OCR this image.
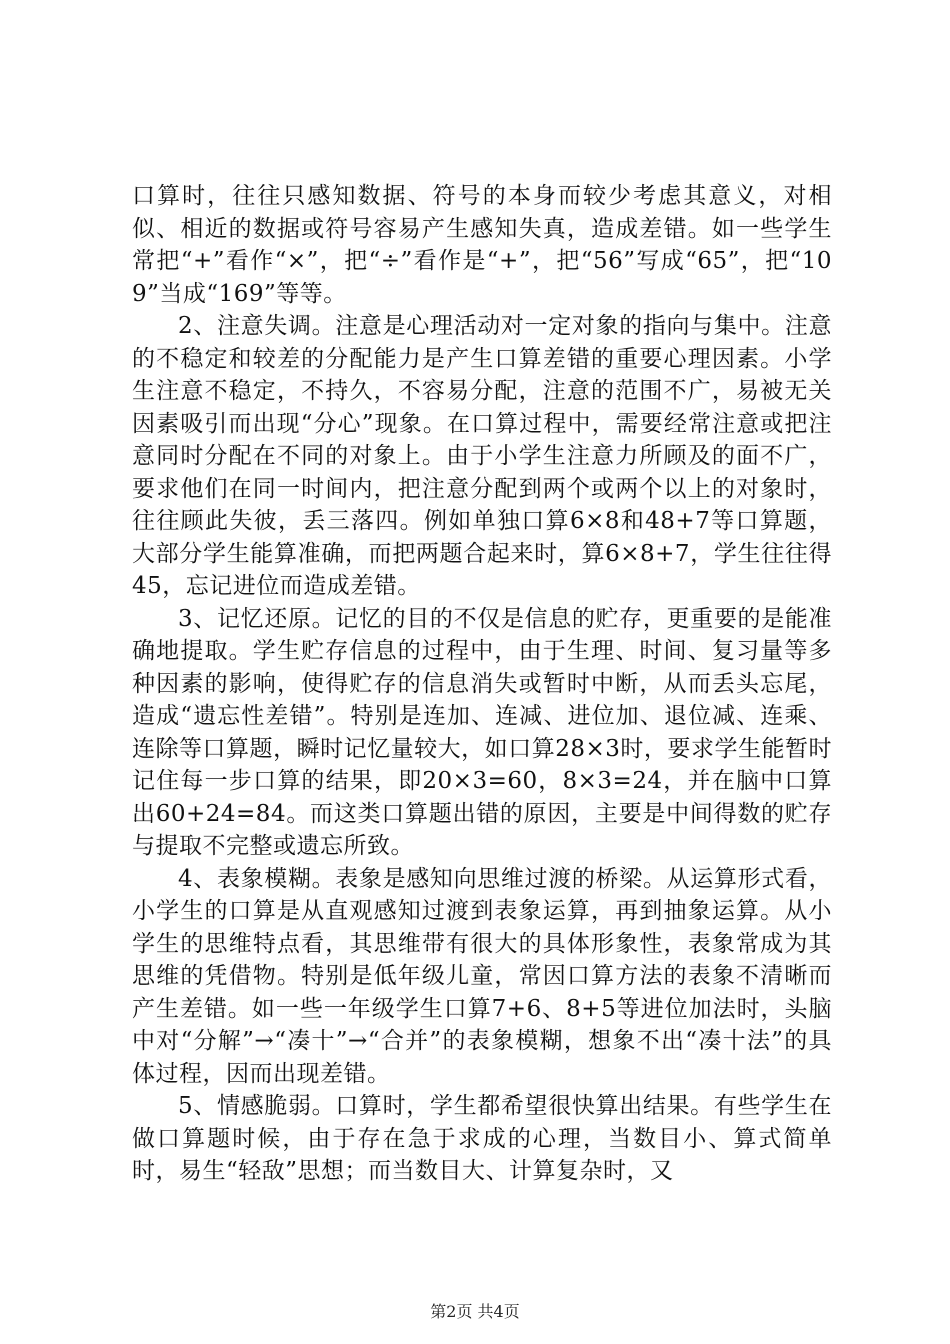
口算时，往往只感知数据、符号的本身而较少考虑其意义，对相似、相近的数据或符号容易产生感知失真，造成差错。如一些学生常把“+”看作“×”，把“÷”看作是“+”，把“56”写成“65”，把“109”当成“169”等等。

2、注意失调。注意是心理活动对一定对象的指向与集中。注意的不稳定和较差的分配能力是产生口算差错的重要心理因素。小学生注意不稳定，不持久，不容易分配，注意的范围不广，易被无关因素吸引而出现“分心”现象。在口算过程中，需要经常注意或把注意同时分配在不同的对象上。由于小学生注意力所顾及的面不广，要求他们在同一时间内，把注意分配到两个或两个以上的对象时，往往顾此失彼，丢三落四。例如单独口算6×8和48+7等口算题，大部分学生能算准确，而把两题合起来时，算6×8+7，学生往往得45，忘记进位而造成差错。

3、记忆还原。记忆的目的不仅是信息的贮存，更重要的是能准确地提取。学生贮存信息的过程中，由于生理、时间、复习量等多种因素的影响，使得贮存的信息消失或暂时中断，从而丢头忘尾，造成“遗忘性差错”。特别是连加、连减、进位加、退位减、连乘、连除等口算题，瞬时记忆量较大，如口算28×3时，要求学生能暂时记住每一步口算的结果，即20×3=60，8×3=24，并在脑中口算出60+24=84。而这类口算题出错的原因，主要是中间得数的贮存与提取不完整或遗忘所致。

4、表象模糊。表象是感知向思维过渡的桥梁。从运算形式看，小学生的口算是从直观感知过渡到表象运算，再到抽象运算。从小学生的思维特点看，其思维带有很大的具体形象性，表象常成为其思维的凭借物。特别是低年级儿童，常因口算方法的表象不清晰而产生差错。如一些一年级学生口算7+6、8+5等进位加法时，头脑中对“分解”→“凑十”→“合并”的表象模糊，想象不出“凑十法”的具体过程，因而出现差错。

5、情感脆弱。口算时，学生都希望很快算出结果。有些学生在做口算题时候，由于存在急于求成的心理，当数目小、算式简单时，易生“轻敌”思想；而当数目大、计算复杂时，又

第2页 共4页
